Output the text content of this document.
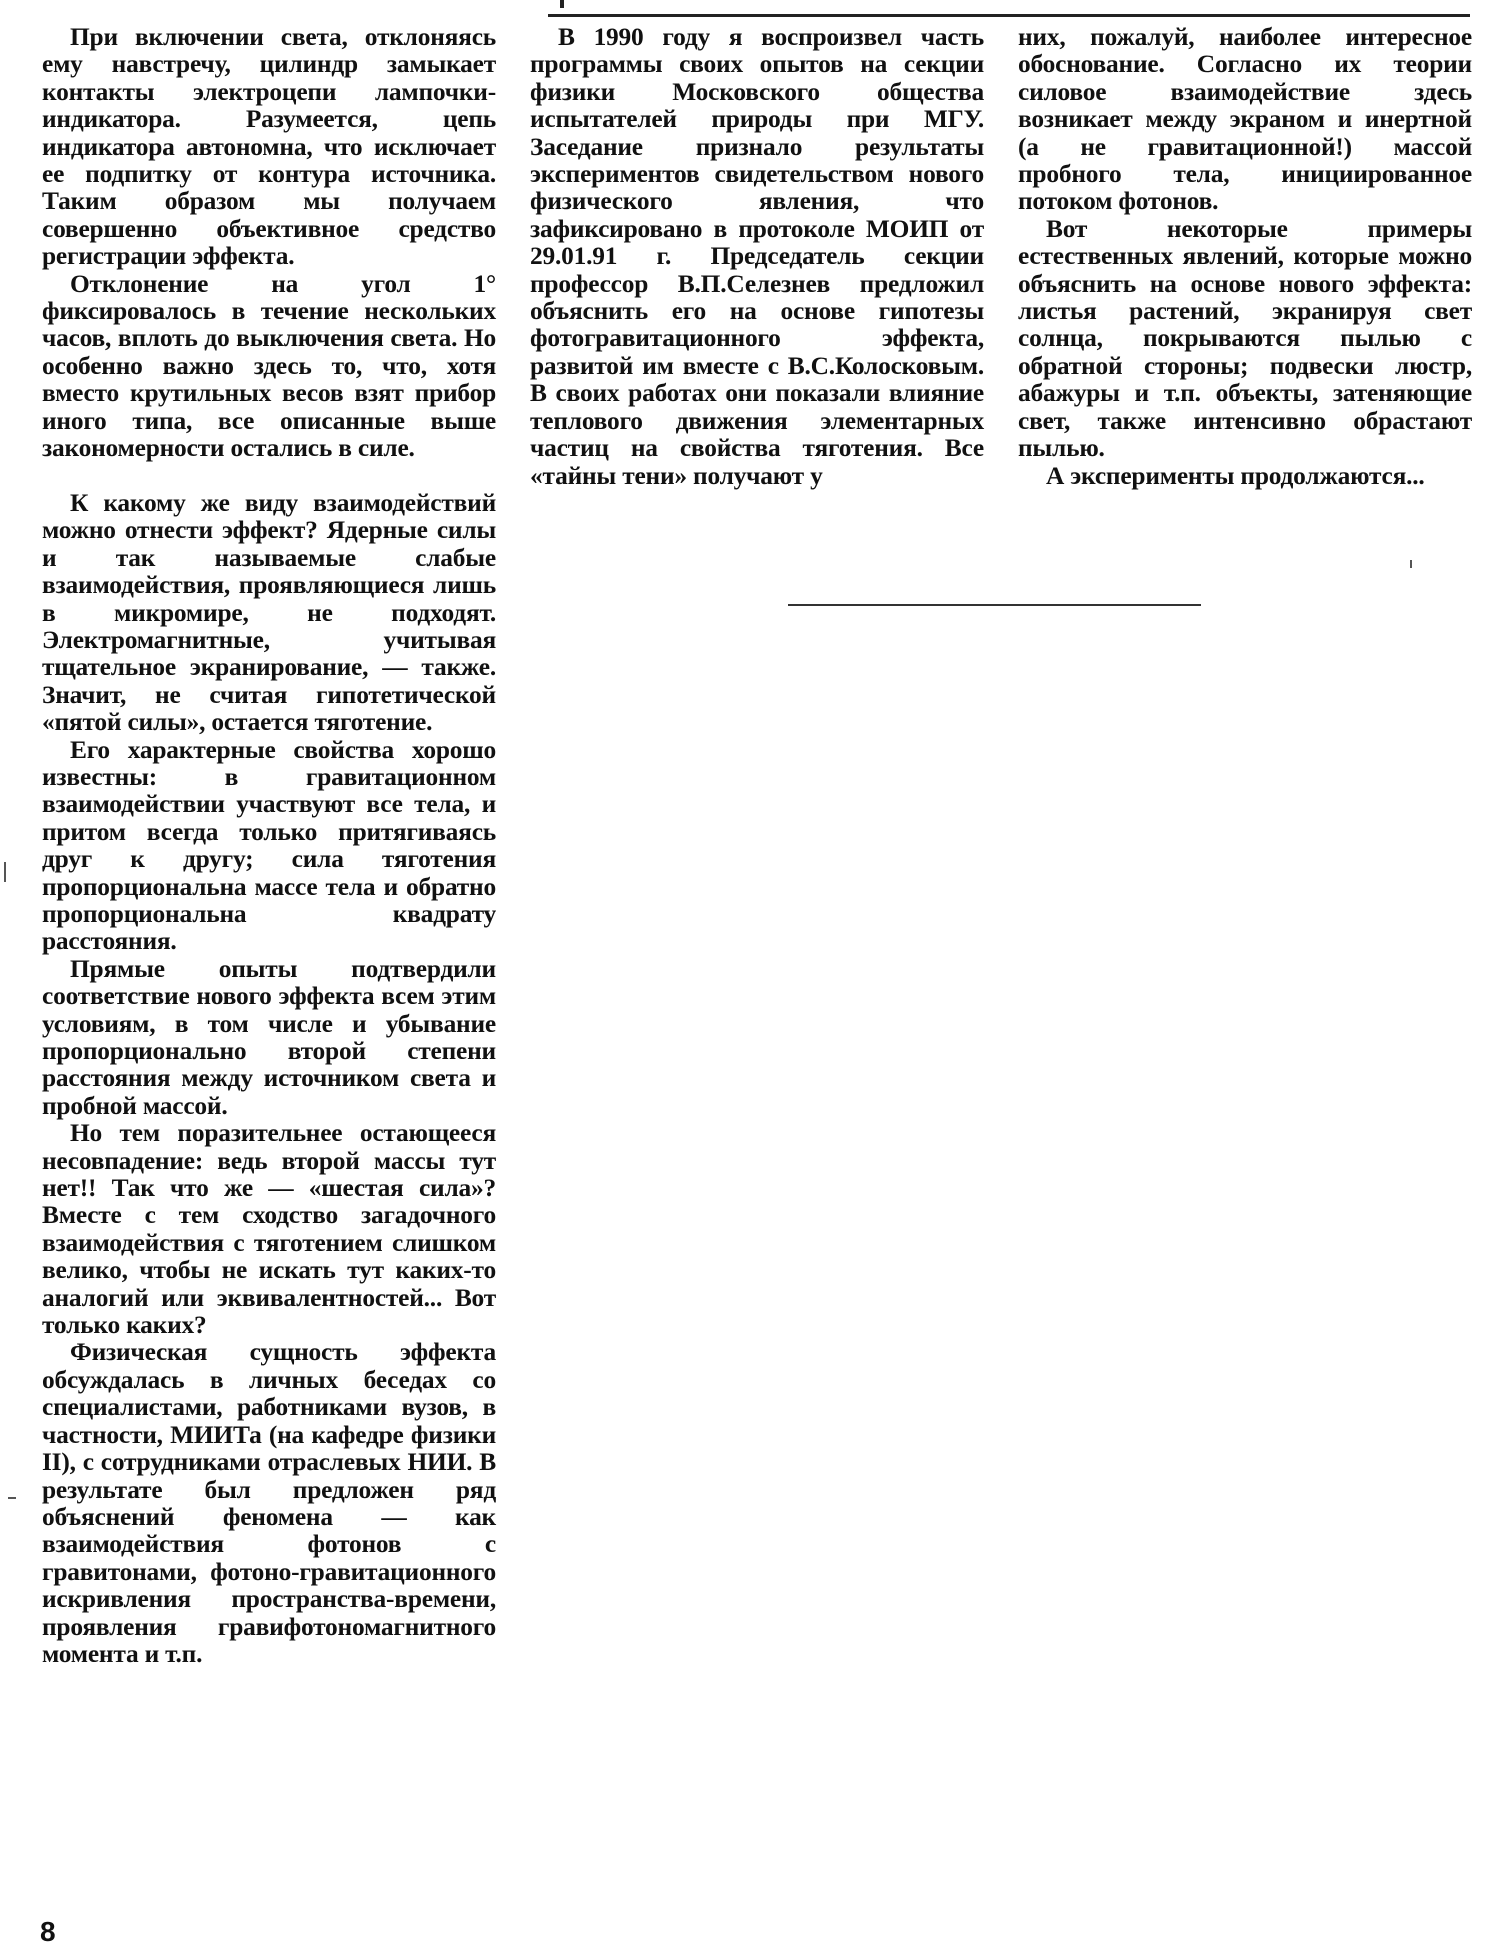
При включении света, отклоняясь ему навстречу, цилиндр замыкает контакты электроцепи лампочки-индикатора. Разумеется, цепь индикатора автономна, что исключает ее подпитку от контура источника. Таким образом мы получаем совершенно объективное средство регистрации эффекта.

Отклонение на угол 1° фиксировалось в течение нескольких часов, вплоть до выключения света. Но особенно важно здесь то, что, хотя вместо крутильных весов взят прибор иного типа, все описанные выше закономерности остались в силе.

К какому же виду взаимодействий можно отнести эффект? Ядерные силы и так называемые слабые взаимодействия, проявляющиеся лишь в микромире, не подходят. Электромагнитные, учитывая тщательное экранирование, — также. Значит, не считая гипотетической «пятой силы», остается тяготение.

Его характерные свойства хорошо известны: в гравитационном взаимодействии участвуют все тела, и притом всегда только притягиваясь друг к другу; сила тяготения пропорциональна массе тела и обратно пропорциональна квадрату расстояния.

Прямые опыты подтвердили соответствие нового эффекта всем этим условиям, в том числе и убывание пропорционально второй степени расстояния между источником света и пробной массой.

Но тем поразительнее остающееся несовпадение: ведь второй массы тут нет!! Так что же — «шестая сила»? Вместе с тем сходство загадочного взаимодействия с тяготением слишком велико, чтобы не искать тут каких-то аналогий или эквивалентностей... Вот только каких?

Физическая сущность эффекта обсуждалась в личных беседах со специалистами, работниками вузов, в частности, МИИТа (на кафедре физики II), с сотрудниками отраслевых НИИ. В результате был предложен ряд объяснений феномена — как взаимодействия фотонов с гравитонами, фотоно-гравитационного искривления пространства-времени, проявления гравифотономагнитного момента и т.п.

В 1990 году я воспроизвел часть программы своих опытов на секции физики Московского общества испытателей природы при МГУ. Заседание признало результаты экспериментов свидетельством нового физического явления, что зафиксировано в протоколе МОИП от 29.01.91 г. Председатель секции профессор В.П.Селезнев предложил объяснить его на основе гипотезы фотогравитационного эффекта, развитой им вместе с В.С.Колосковым. В своих работах они показали влияние теплового движения элементарных частиц на свойства тяготения. Все «тайны тени» получают у

них, пожалуй, наиболее интересное обоснование. Согласно их теории силовое взаимодействие здесь возникает между экраном и инертной (а не гравитационной!) массой пробного тела, инициированное потоком фотонов.

Вот некоторые примеры естественных явлений, которые можно объяснить на основе нового эффекта: листья растений, экранируя свет солнца, покрываются пылью с обратной стороны; подвески люстр, абажуры и т.п. объекты, затеняющие свет, также интенсивно обрастают пылью.

А эксперименты продолжаются...

8
